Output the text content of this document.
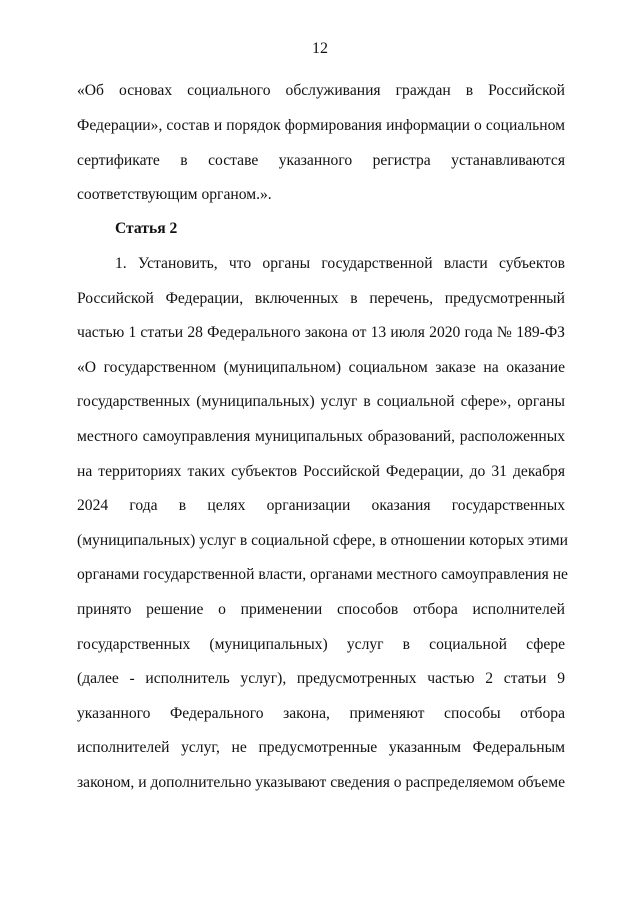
12
«Об основах социального обслуживания граждан в Российской
Федерации», состав и порядок формирования информации о социальном
сертификате в составе указанного регистра устанавливаются
соответствующим органом.».
Статья 2
1. Установить, что органы государственной власти субъектов
Российской Федерации, включенных в перечень, предусмотренный
частью 1 статьи 28 Федерального закона от 13 июля 2020 года № 189-ФЗ
«О государственном (муниципальном) социальном заказе на оказание
государственных (муниципальных) услуг в социальной сфере», органы
местного самоуправления муниципальных образований, расположенных
на территориях таких субъектов Российской Федерации, до 31 декабря
2024 года в целях организации оказания государственных
(муниципальных) услуг в социальной сфере, в отношении которых этими
органами государственной власти, органами местного самоуправления не
принято решение о применении способов отбора исполнителей
государственных (муниципальных) услуг в социальной сфере
(далее - исполнитель услуг), предусмотренных частью 2 статьи 9
указанного Федерального закона, применяют способы отбора
исполнителей услуг, не предусмотренные указанным Федеральным
законом, и дополнительно указывают сведения о распределяемом объеме
